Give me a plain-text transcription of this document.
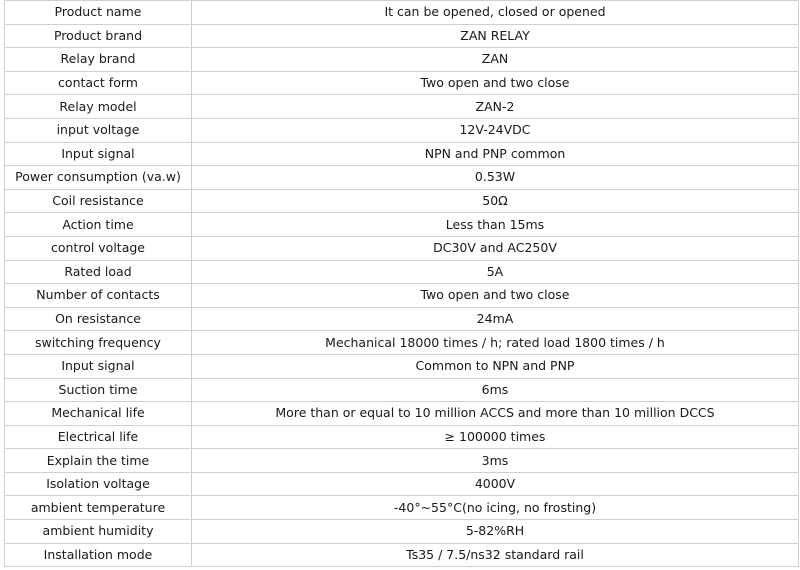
Product name	It can be opened, closed or opened
Product brand	ZAN RELAY
Relay brand	ZAN
contact form	Two open and two close
Relay model	ZAN-2
input voltage	12V-24VDC
Input signal	NPN and PNP common
Power consumption (va.w)	0.53W
Coil resistance	50Ω
Action time	Less than 15ms
control voltage	DC30V and AC250V
Rated load	5A
Number of contacts	Two open and two close
On resistance	24mA
switching frequency	Mechanical 18000 times / h; rated load 1800 times / h
Input signal	Common to NPN and PNP
Suction time	6ms
Mechanical life	More than or equal to 10 million ACCS and more than 10 million DCCS
Electrical life	≥ 100000 times
Explain the time	3ms
Isolation voltage	4000V
ambient temperature	-40°~55°C(no icing, no frosting)
ambient humidity	5-82%RH
Installation mode	Ts35 / 7.5/ns32 standard rail
